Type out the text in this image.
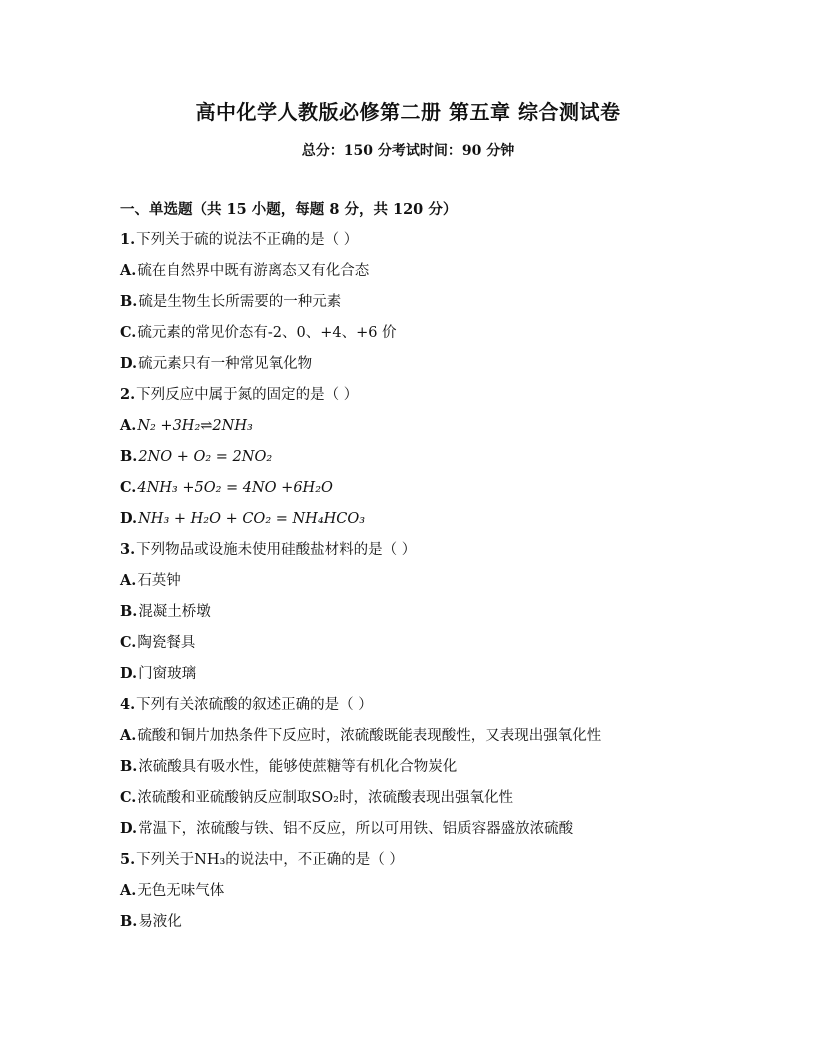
高中化学人教版必修第二册 第五章 综合测试卷
总分：150 分考试时间：90 分钟
一、单选题（共 15 小题，每题 8 分，共 120 分）
1.下列关于硫的说法不正确的是（ ）
A.硫在自然界中既有游离态又有化合态
B.硫是生物生长所需要的一种元素
C.硫元素的常见价态有-2、0、+4、+6 价
D.硫元素只有一种常见氧化物
2.下列反应中属于氮的固定的是（ ）
A.N₂ +3H₂⇌2NH₃
B.2NO + O₂ = 2NO₂
C.4NH₃ +5O₂ = 4NO +6H₂O
D.NH₃ + H₂O + CO₂ = NH₄HCO₃
3.下列物品或设施未使用硅酸盐材料的是（ ）
A.石英钟
B.混凝土桥墩
C.陶瓷餐具
D.门窗玻璃
4.下列有关浓硫酸的叙述正确的是（ ）
A.硫酸和铜片加热条件下反应时，浓硫酸既能表现酸性，又表现出强氧化性
B.浓硫酸具有吸水性，能够使蔗糖等有机化合物炭化
C.浓硫酸和亚硫酸钠反应制取SO₂时，浓硫酸表现出强氧化性
D.常温下，浓硫酸与铁、铝不反应，所以可用铁、铝质容器盛放浓硫酸
5.下列关于NH₃的说法中，不正确的是（ ）
A.无色无味气体
B.易液化
